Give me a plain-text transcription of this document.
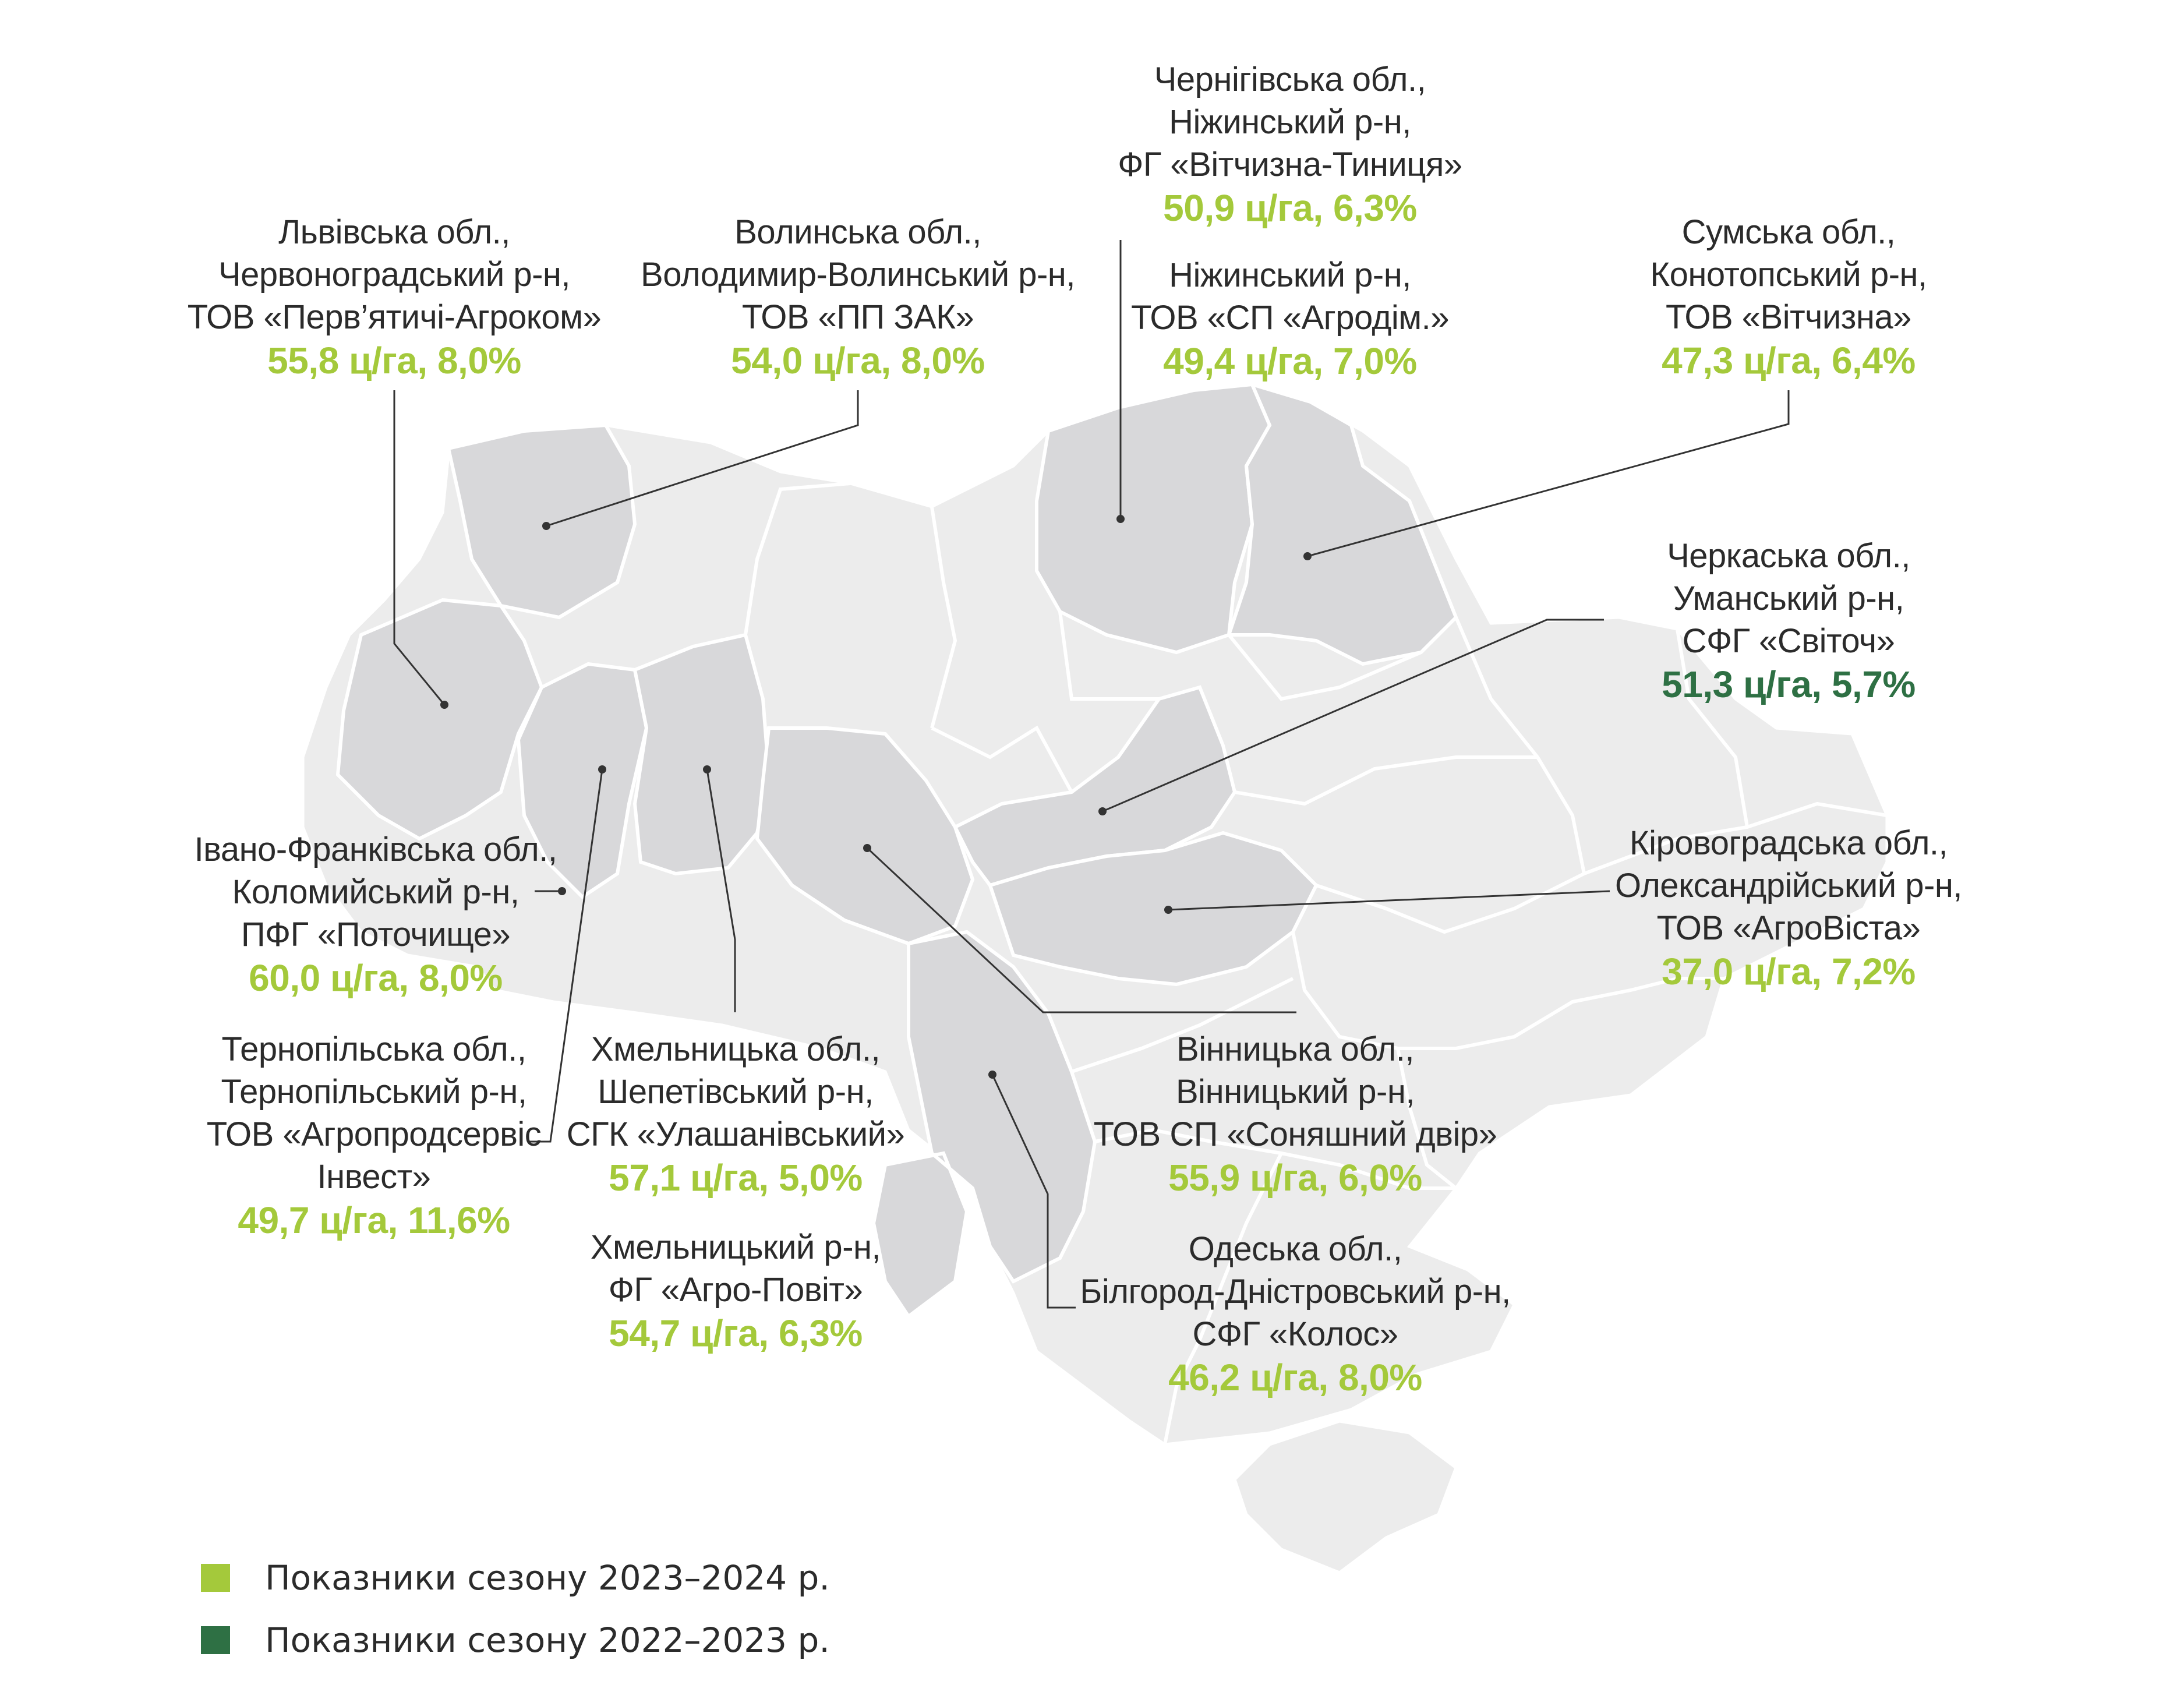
Чернігівська обл.,
Ніжинський р-н,
ФГ «Вітчизна-Тиниця»
50,9 ц/га, 6,3%
Ніжинський р-н,
ТОВ «СП «Агродім.»
49,4 ц/га, 7,0%
Львівська обл.,
Червоноградський р-н,
ТОВ «Перв’ятичі-Агроком»
55,8 ц/га, 8,0%
Волинська обл.,
Володимир-Волинський р-н,
ТОВ «ПП ЗАК»
54,0 ц/га, 8,0%
Сумська обл.,
Конотопський р-н,
ТОВ «Вітчизна»
47,3 ц/га, 6,4%
Черкаська обл.,
Уманський р-н,
СФГ «Світоч»
51,3 ц/га, 5,7%
Кіровоградська обл.,
Олександрійський р-н,
ТОВ «АгроВіста»
37,0 ц/га, 7,2%
Івано-Франківська обл.,
Коломийський р-н,
ПФГ «Поточище»
60,0 ц/га, 8,0%
Тернопільська обл.,
Тернопільський р-н,
ТОВ «Агропродсервіс
Інвест»
49,7 ц/га, 11,6%
Хмельницька обл.,
Шепетівський р-н,
СГК «Улашанівський»
57,1 ц/га, 5,0%
Хмельницький р-н,
ФГ «Агро-Повіт»
54,7 ц/га, 6,3%
Вінницька обл.,
Вінницький р-н,
ТОВ СП «Соняшний двір»
55,9 ц/га, 6,0%
Одеська обл.,
Білгород-Дністровський р-н,
СФГ «Колос»
46,2 ц/га, 8,0%
Показники сезону 2023–2024 р.
Показники сезону 2022–2023 р.
